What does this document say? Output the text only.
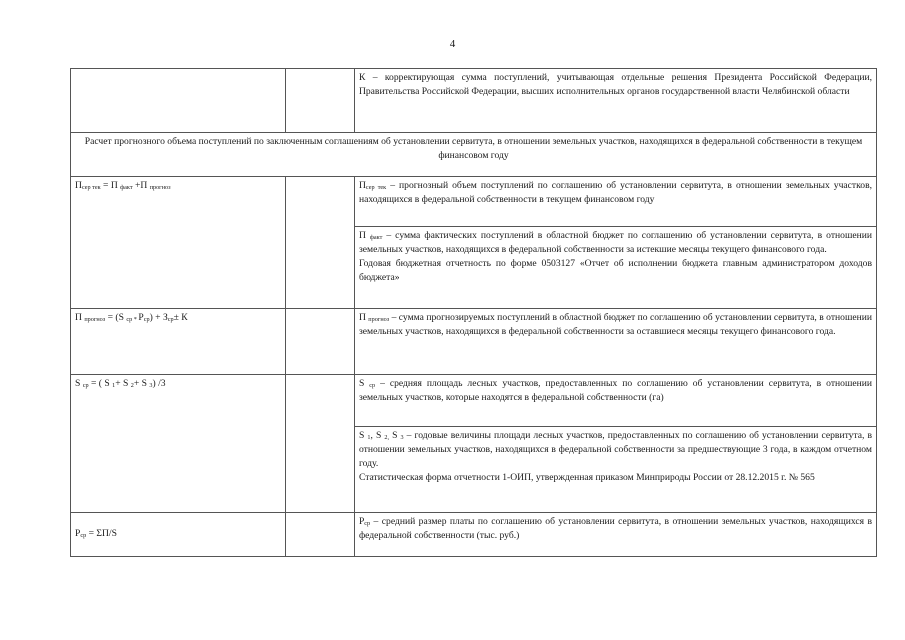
4
		К – корректирующая сумма поступлений, учитывающая отдельные решения Президента Российской Федерации, Правительства Российской Федерации, высших исполнительных органов государственной власти Челябинской области
Расчет прогнозного объема поступлений по заключенным соглашениям об установлении сервитута, в отношении земельных участков, находящихся в федеральной собственности в текущем финансовом году		
Псер тек = П факт +П прогноз		Псер тек – прогнозный объем поступлений по соглашению об установлении сервитута, в отношении земельных участков, находящихся в федеральной собственности в текущем финансовом году
		П факт – сумма фактических поступлений в областной бюджет по соглашению об установлении сервитута, в отношении земельных участков, находящихся в федеральной собственности за истекшие месяцы текущего финансового года.
Годовая бюджетная отчетность по форме 0503127 «Отчет об исполнении бюджета главным администратором доходов бюджета»

П прогноз = (S ср * Pср) + Зср± К		П прогноз – сумма прогнозируемых поступлений в областной бюджет по соглашению об установлении сервитута, в отношении земельных участков, находящихся в федеральной собственности за оставшиеся месяцы текущего финансового года.
S ср = ( S 1+ S 2+ S 3) /3		S ср – средняя площадь лесных участков, предоставленных по соглашению об установлении сервитута, в отношении земельных участков, которые находятся в федеральной собственности (га)
		S 1, S 2, S 3 – годовые величины площади лесных участков, предоставленных по соглашению об установлении сервитута, в отношении земельных участков, находящихся в федеральной собственности за предшествующие 3 года, в каждом отчетном году.
Статистическая форма отчетности 1-ОИП, утвержденная приказом Минприроды России от 28.12.2015 г. № 565

Pср = ΣП/S		Рср – средний размер платы по соглашению об установлении сервитута, в отношении земельных участков, находящихся в федеральной собственности (тыс. руб.)
